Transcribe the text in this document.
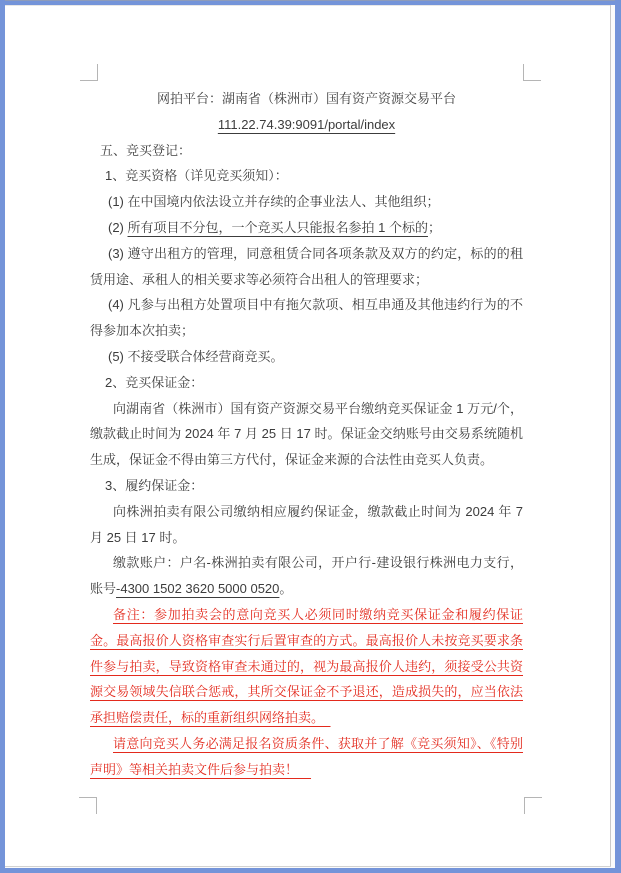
网拍平台：湖南省（株洲市）国有资产资源交易平台

111.22.74.39:9091/portal/index

五、竞买登记：

1、竞买资格（详见竞买须知）：

(1) 在中国境内依法设立并存续的企事业法人、其他组织；

(2) 所有项目不分包，一个竞买人只能报名参拍 1 个标的；

(3) 遵守出租方的管理，同意租赁合同各项条款及双方的约定，标的的租赁用途、承租人的相关要求等必须符合出租人的管理要求；

(4) 凡参与出租方处置项目中有拖欠款项、相互串通及其他违约行为的不得参加本次拍卖；

(5) 不接受联合体经营商竞买。

2、竞买保证金：

向湖南省（株洲市）国有资产资源交易平台缴纳竞买保证金 1 万元/个，缴款截止时间为 2024 年 7 月 25 日 17 时。保证金交纳账号由交易系统随机生成，保证金不得由第三方代付，保证金来源的合法性由竞买人负责。

3、履约保证金：

向株洲拍卖有限公司缴纳相应履约保证金，缴款截止时间为 2024 年 7 月 25 日 17 时。

缴款账户：户名-株洲拍卖有限公司，开户行-建设银行株洲电力支行，账号-4300 1502 3620 5000 0520。

备注：参加拍卖会的意向竞买人必须同时缴纳竞买保证金和履约保证金。最高报价人资格审查实行后置审查的方式。最高报价人未按竞买要求条件参与拍卖，导致资格审查未通过的，视为最高报价人违约，须接受公共资源交易领域失信联合惩戒，其所交保证金不予退还，造成损失的，应当依法承担赔偿责任，标的重新组织网络拍卖。　

请意向竞买人务必满足报名资质条件、获取并了解《竞买须知》、《特别声明》等相关拍卖文件后参与拍卖！　
